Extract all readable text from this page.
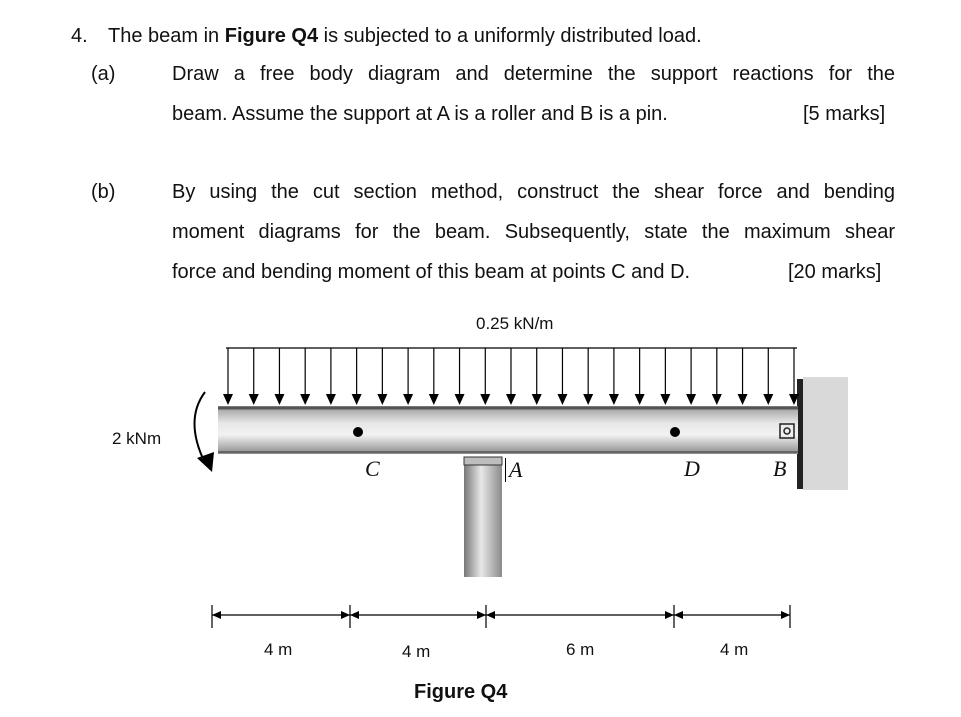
4. The beam in Figure Q4 is subjected to a uniformly distributed load.
(a)	Draw a free body diagram and determine the support reactions for the
beam. Assume the support at A is a roller and B is a pin.	[5 marks]
(b)	By using the cut section method, construct the shear force and bending
moment diagrams for the beam. Subsequently, state the maximum shear
force and bending moment of this beam at points C and D.	[20 marks]
0.25 kN/m
2 kNm
C	A	D	B
4 m	4 m	6 m	4 m
Figure Q4
